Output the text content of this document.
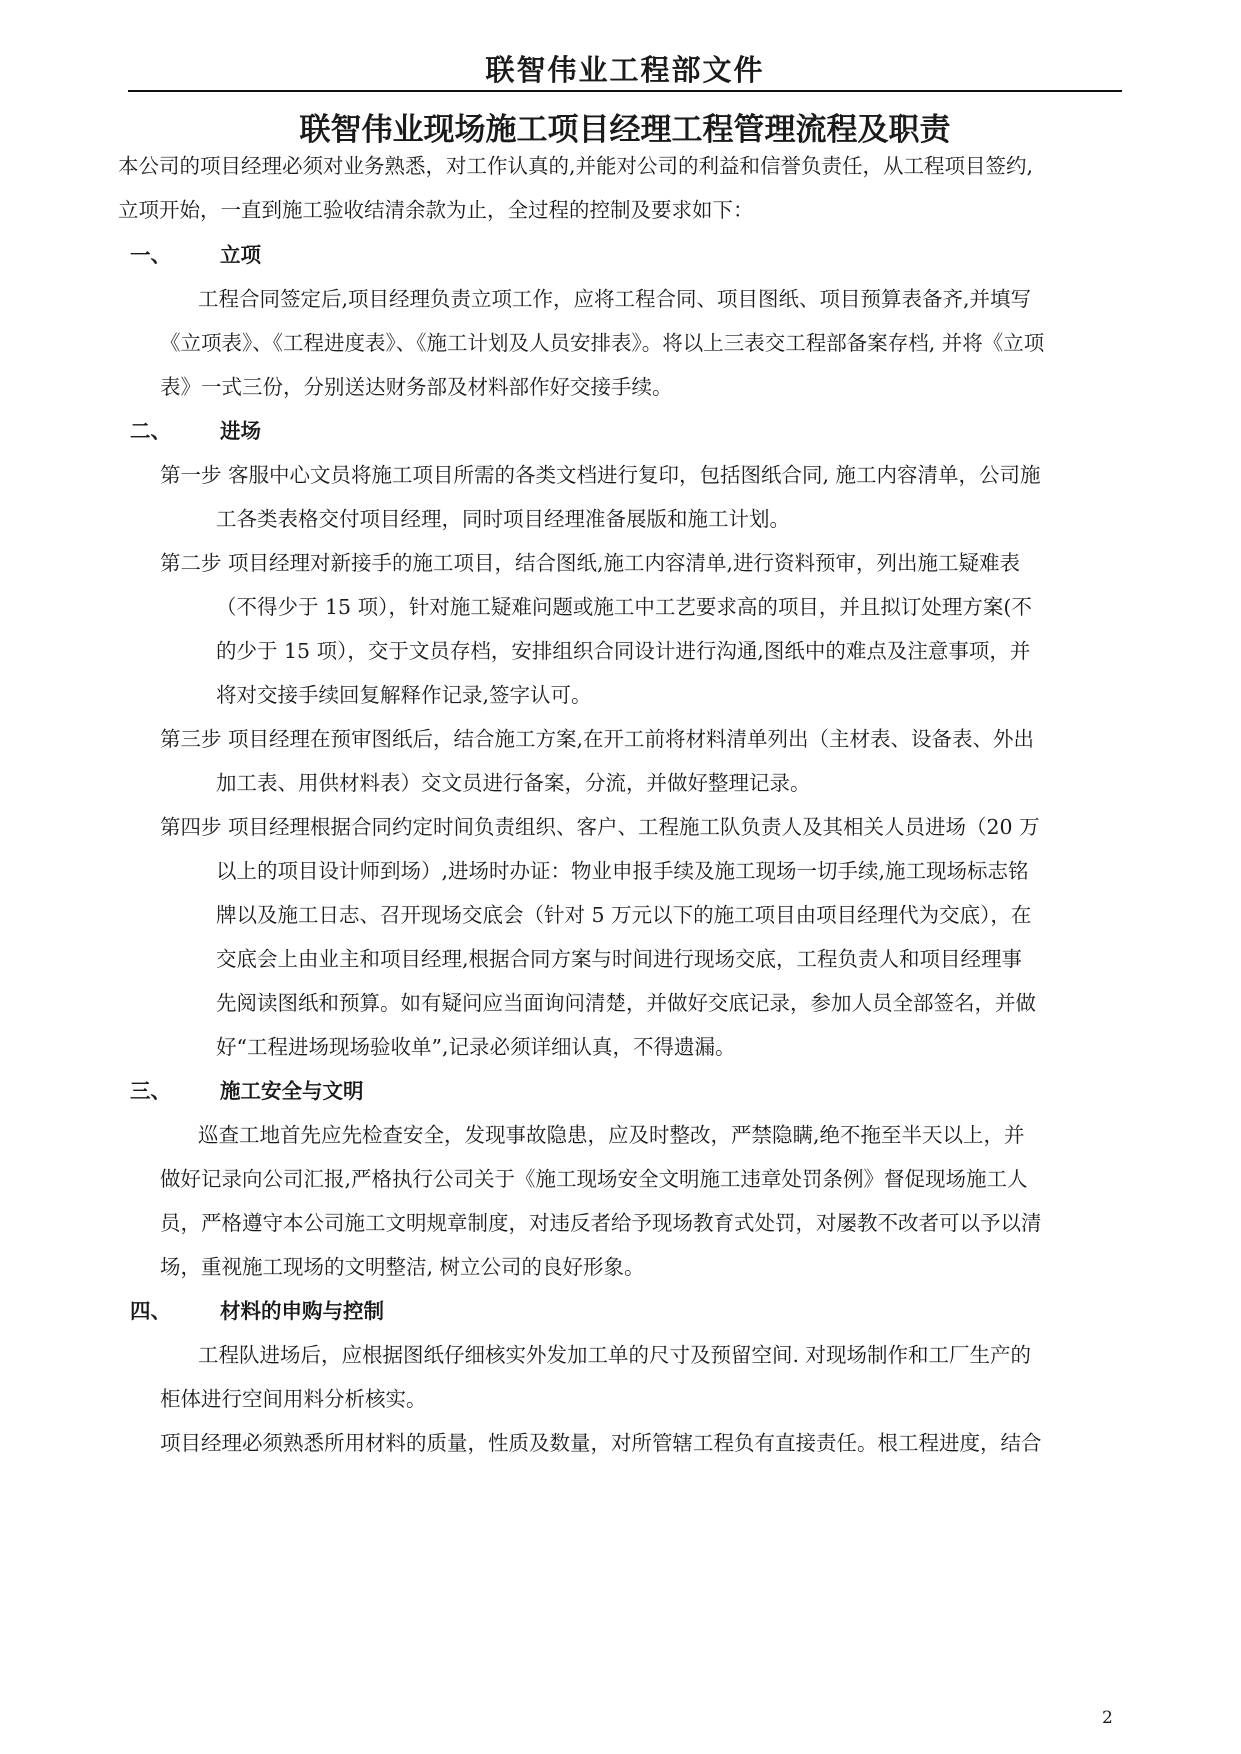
联智伟业工程部文件
联智伟业现场施工项目经理工程管理流程及职责
本公司的项目经理必须对业务熟悉，对工作认真的,并能对公司的利益和信誉负责任，从工程项目签约,
立项开始，一直到施工验收结清余款为止，全过程的控制及要求如下：
一、 立项
工程合同签定后,项目经理负责立项工作，应将工程合同、项目图纸、项目预算表备齐,并填写
《立项表》、《工程进度表》、《施工计划及人员安排表》。将以上三表交工程部备案存档, 并将《立项
表》一式三份，分别送达财务部及材料部作好交接手续。
二、 进场
第一步 客服中心文员将施工项目所需的各类文档进行复印，包括图纸合同, 施工内容清单，公司施
工各类表格交付项目经理，同时项目经理准备展版和施工计划。
第二步 项目经理对新接手的施工项目，结合图纸,施工内容清单,进行资料预审，列出施工疑难表
（不得少于 15 项），针对施工疑难问题或施工中工艺要求高的项目，并且拟订处理方案(不
的少于 15 项），交于文员存档，安排组织合同设计进行沟通,图纸中的难点及注意事项，并
将对交接手续回复解释作记录,签字认可。
第三步 项目经理在预审图纸后，结合施工方案,在开工前将材料清单列出（主材表、设备表、外出
加工表、用供材料表）交文员进行备案，分流，并做好整理记录。
第四步 项目经理根据合同约定时间负责组织、客户、工程施工队负责人及其相关人员进场（20 万
以上的项目设计师到场）,进场时办证：物业申报手续及施工现场一切手续,施工现场标志铭
牌以及施工日志、召开现场交底会（针对 5 万元以下的施工项目由项目经理代为交底），在
交底会上由业主和项目经理,根据合同方案与时间进行现场交底，工程负责人和项目经理事
先阅读图纸和预算。如有疑问应当面询问清楚，并做好交底记录，参加人员全部签名，并做
好“工程进场现场验收单”,记录必须详细认真，不得遗漏。
三、 施工安全与文明
巡查工地首先应先检查安全，发现事故隐患，应及时整改，严禁隐瞒,绝不拖至半天以上，并
做好记录向公司汇报,严格执行公司关于《施工现场安全文明施工违章处罚条例》督促现场施工人
员，严格遵守本公司施工文明规章制度，对违反者给予现场教育式处罚，对屡教不改者可以予以清
场，重视施工现场的文明整洁, 树立公司的良好形象。
四、 材料的申购与控制
工程队进场后，应根据图纸仔细核实外发加工单的尺寸及预留空间. 对现场制作和工厂生产的
柜体进行空间用料分析核实。
项目经理必须熟悉所用材料的质量，性质及数量，对所管辖工程负有直接责任。根工程进度，结合
2
